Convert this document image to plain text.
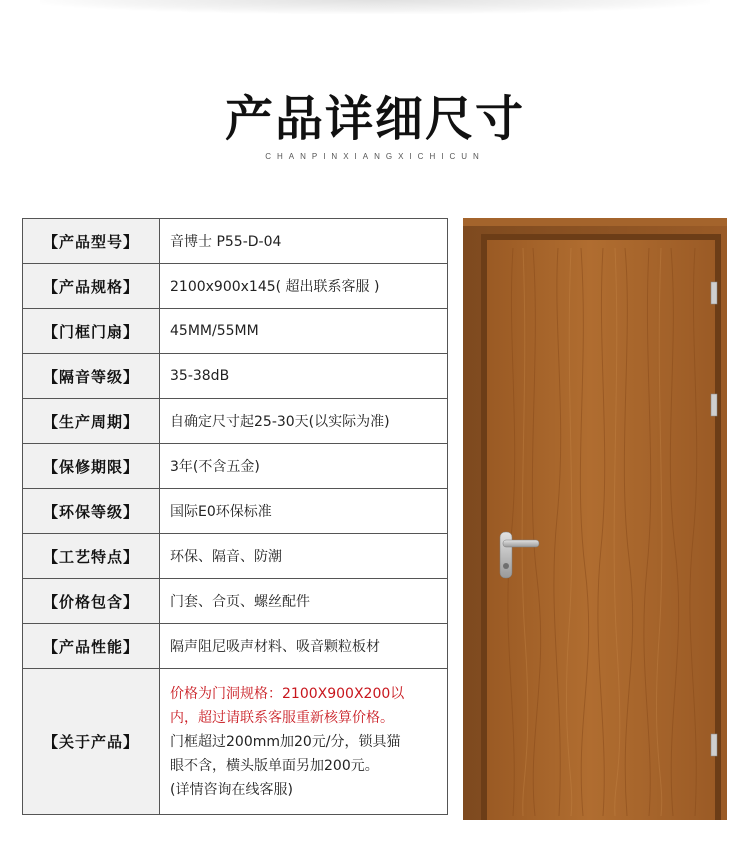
产品详细尺寸
CHANPINXIANGXICHICUN
【产品型号】	音博士 P55-D-04
【产品规格】	2100x900x145( 超出联系客服 )
【门框门扇】	45MM/55MM
【隔音等级】	35-38dB
【生产周期】	自确定尺寸起25-30天(以实际为准)
【保修期限】	3年(不含五金)
【环保等级】	国际E0环保标准
【工艺特点】	环保、隔音、防潮
【价格包含】	门套、合页、螺丝配件
【产品性能】	隔声阻尼吸声材料、吸音颗粒板材
【关于产品】	价格为门洞规格：2100X900X200以
内，超过请联系客服重新核算价格。
门框超过200mm加20元/分，锁具猫
眼不含，横头版单面另加200元。
(详情咨询在线客服)
